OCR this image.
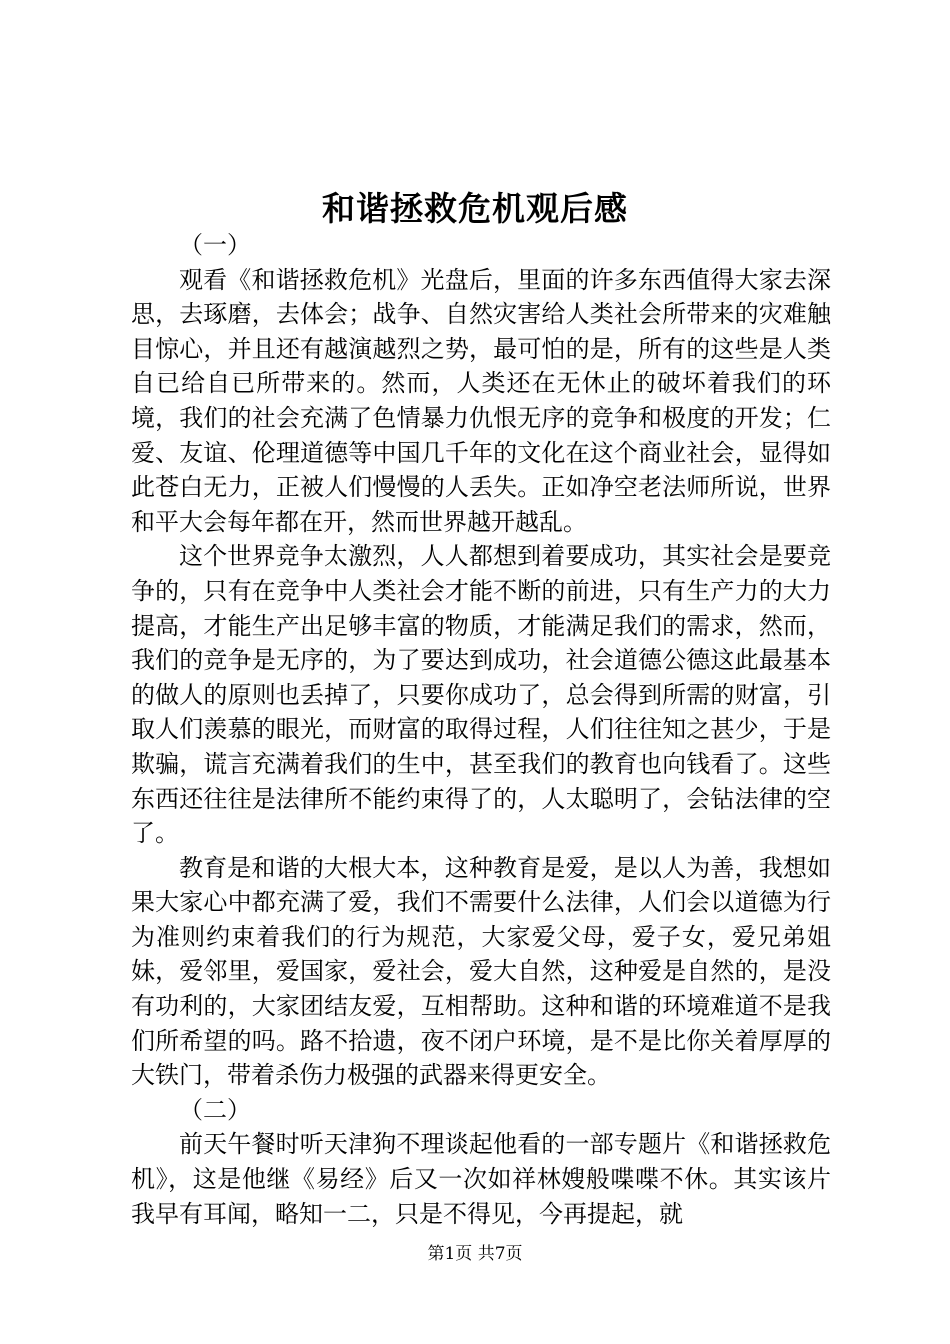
和谐拯救危机观后感

（一）

观看《和谐拯救危机》光盘后，里面的许多东西值得大家去深思，去琢磨，去体会；战争、自然灾害给人类社会所带来的灾难触目惊心，并且还有越演越烈之势，最可怕的是，所有的这些是人类自已给自已所带来的。然而，人类还在无休止的破坏着我们的环境，我们的社会充满了色情暴力仇恨无序的竞争和极度的开发；仁爱、友谊、伦理道德等中国几千年的文化在这个商业社会，显得如此苍白无力，正被人们慢慢的人丢失。正如净空老法师所说，世界和平大会每年都在开，然而世界越开越乱。

这个世界竞争太激烈，人人都想到着要成功，其实社会是要竞争的，只有在竞争中人类社会才能不断的前进，只有生产力的大力提高，才能生产出足够丰富的物质，才能满足我们的需求，然而，我们的竞争是无序的，为了要达到成功，社会道德公德这此最基本的做人的原则也丢掉了，只要你成功了，总会得到所需的财富，引取人们羡慕的眼光，而财富的取得过程，人们往往知之甚少，于是欺骗，谎言充满着我们的生中，甚至我们的教育也向钱看了。这些东西还往往是法律所不能约束得了的，人太聪明了，会钻法律的空了。

教育是和谐的大根大本，这种教育是爱，是以人为善，我想如果大家心中都充满了爱，我们不需要什么法律，人们会以道德为行为准则约束着我们的行为规范，大家爱父母，爱子女，爱兄弟姐妹，爱邻里，爱国家，爱社会，爱大自然，这种爱是自然的，是没有功利的，大家团结友爱，互相帮助。这种和谐的环境难道不是我们所希望的吗。路不拾遗，夜不闭户环境，是不是比你关着厚厚的大铁门，带着杀伤力极强的武器来得更安全。

（二）

前天午餐时听天津狗不理谈起他看的一部专题片《和谐拯救危机》，这是他继《易经》后又一次如祥林嫂般喋喋不休。其实该片我早有耳闻，略知一二，只是不得见，今再提起，就

第1页 共7页
